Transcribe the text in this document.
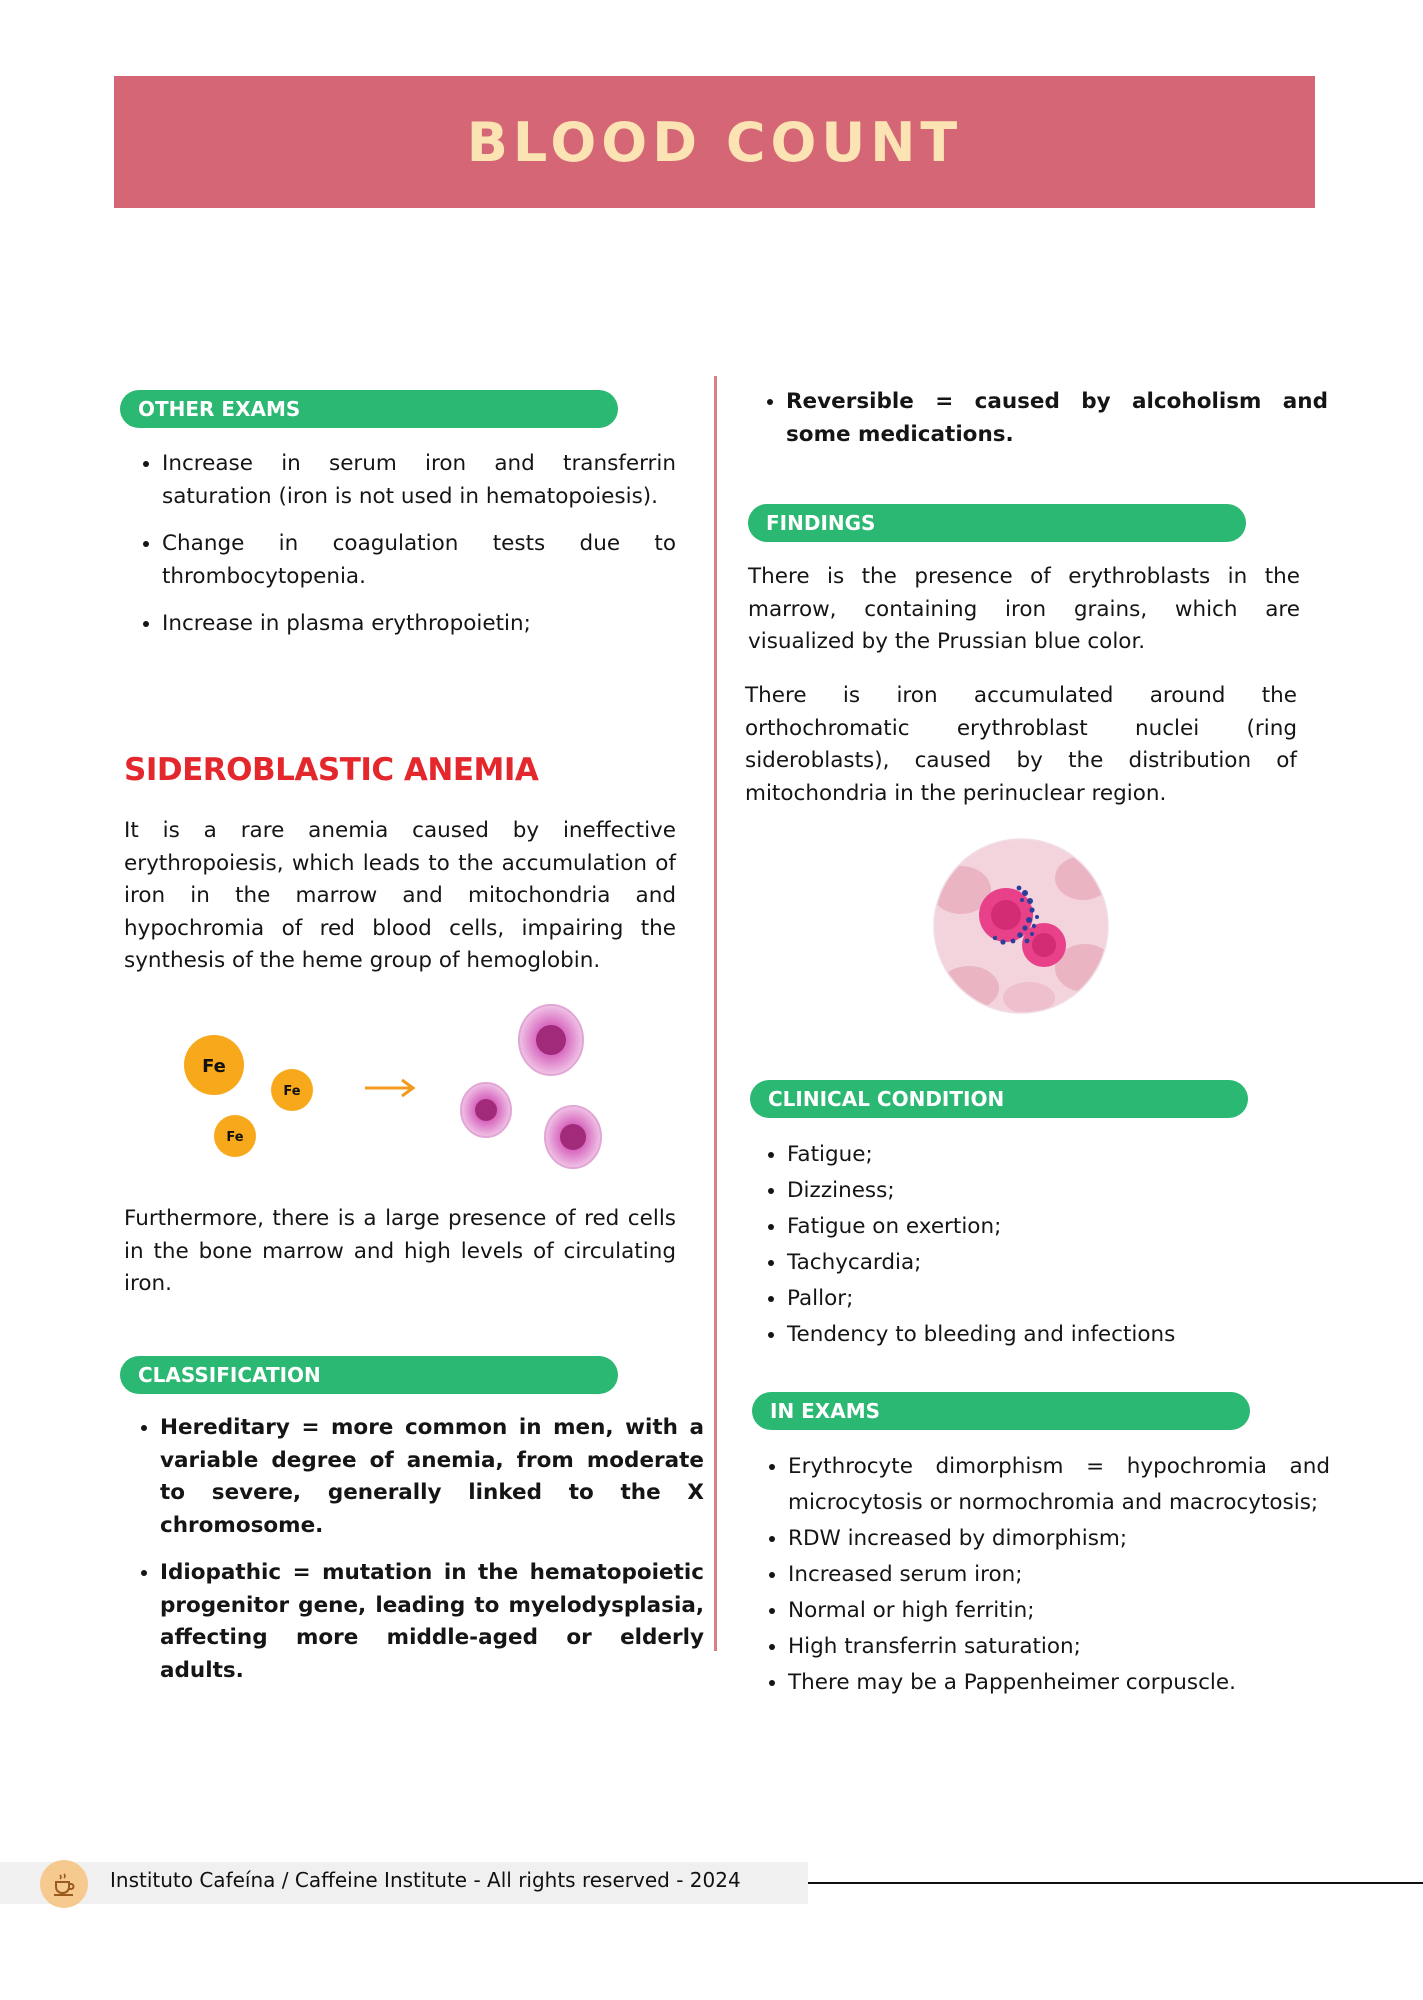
BLOOD COUNT
OTHER EXAMS
• Increase in serum iron and transferrin saturation (iron is not used in hematopoiesis).
• Change in coagulation tests due to thrombocytopenia.
• Increase in plasma erythropoietin;
SIDEROBLASTIC ANEMIA
It is a rare anemia caused by ineffective erythropoiesis, which leads to the accumulation of iron in the marrow and mitochondria and hypochromia of red blood cells, impairing the synthesis of the heme group of hemoglobin.
Fe
Fe
Fe
Furthermore, there is a large presence of red cells in the bone marrow and high levels of circulating iron.
CLASSIFICATION
• Hereditary = more common in men, with a variable degree of anemia, from moderate to severe, generally linked to the X chromosome.
• Idiopathic = mutation in the hematopoietic progenitor gene, leading to myelodysplasia, affecting more middle-aged or elderly adults.
• Reversible = caused by alcoholism and some medications.
FINDINGS
There is the presence of erythroblasts in the marrow, containing iron grains, which are visualized by the Prussian blue color.
There is iron accumulated around the orthochromatic erythroblast nuclei (ring sideroblasts), caused by the distribution of mitochondria in the perinuclear region.
CLINICAL CONDITION
• Fatigue;
• Dizziness;
• Fatigue on exertion;
• Tachycardia;
• Pallor;
• Tendency to bleeding and infections
IN EXAMS
• Erythrocyte dimorphism = hypochromia and microcytosis or normochromia and macrocytosis;
• RDW increased by dimorphism;
• Increased serum iron;
• Normal or high ferritin;
• High transferrin saturation;
• There may be a Pappenheimer corpuscle.
Instituto Cafeína / Caffeine Institute - All rights reserved - 2024
